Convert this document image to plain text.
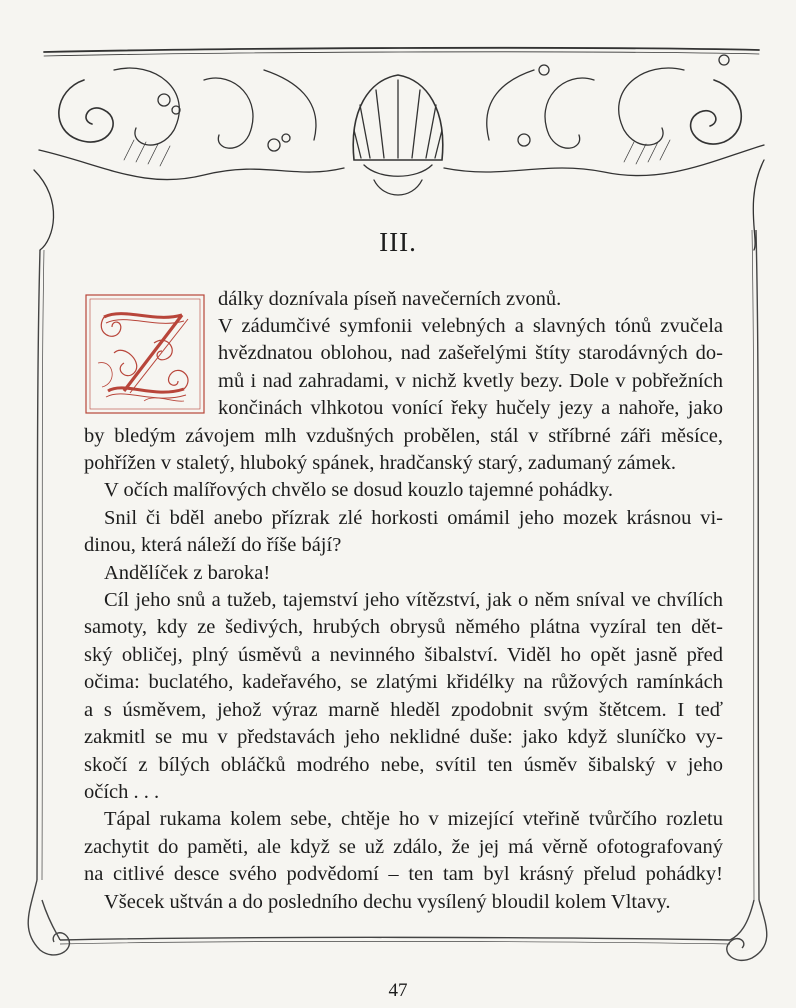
III.
dálky doznívala píseň navečerních zvonů.
V zádumčivé symfonii velebných a slavných tónů zvučela
hvězdnatou oblohou, nad zašeřelými štíty starodávných do-
mů i nad zahradami, v nichž kvetly bezy. Dole v pobřežních
končinách vlhkotou vonící řeky hučely jezy a nahoře, jako
by bledým závojem mlh vzdušných probělen, stál v stříbrné záři měsíce,
pohřížen v staletý, hluboký spánek, hradčanský starý, zadumaný zámek.
V očích malířových chvělo se dosud kouzlo tajemné pohádky.
Snil či bděl anebo přízrak zlé horkosti omámil jeho mozek krásnou vi-
dinou, která náleží do říše bájí?
Andělíček z baroka!
Cíl jeho snů a tužeb, tajemství jeho vítězství, jak o něm sníval ve chvílích
samoty, kdy ze šedivých, hrubých obrysů němého plátna vyzíral ten dět-
ský obličej, plný úsměvů a nevinného šibalství. Viděl ho opět jasně před
očima: buclatého, kadeřavého, se zlatými křidélky na růžových ramínkách
a s úsměvem, jehož výraz marně hleděl zpodobnit svým štětcem. I teď
zakmitl se mu v představách jeho neklidné duše: jako když sluníčko vy-
skočí z bílých obláčků modrého nebe, svítil ten úsměv šibalský v jeho
očích . . .
Tápal rukama kolem sebe, chtěje ho v mizející vteřině tvůrčího rozletu
zachytit do paměti, ale když se už zdálo, že jej má věrně ofotografovaný
na citlivé desce svého podvědomí – ten tam byl krásný přelud pohádky!
Všecek uštván a do posledního dechu vysílený bloudil kolem Vltavy.
47
